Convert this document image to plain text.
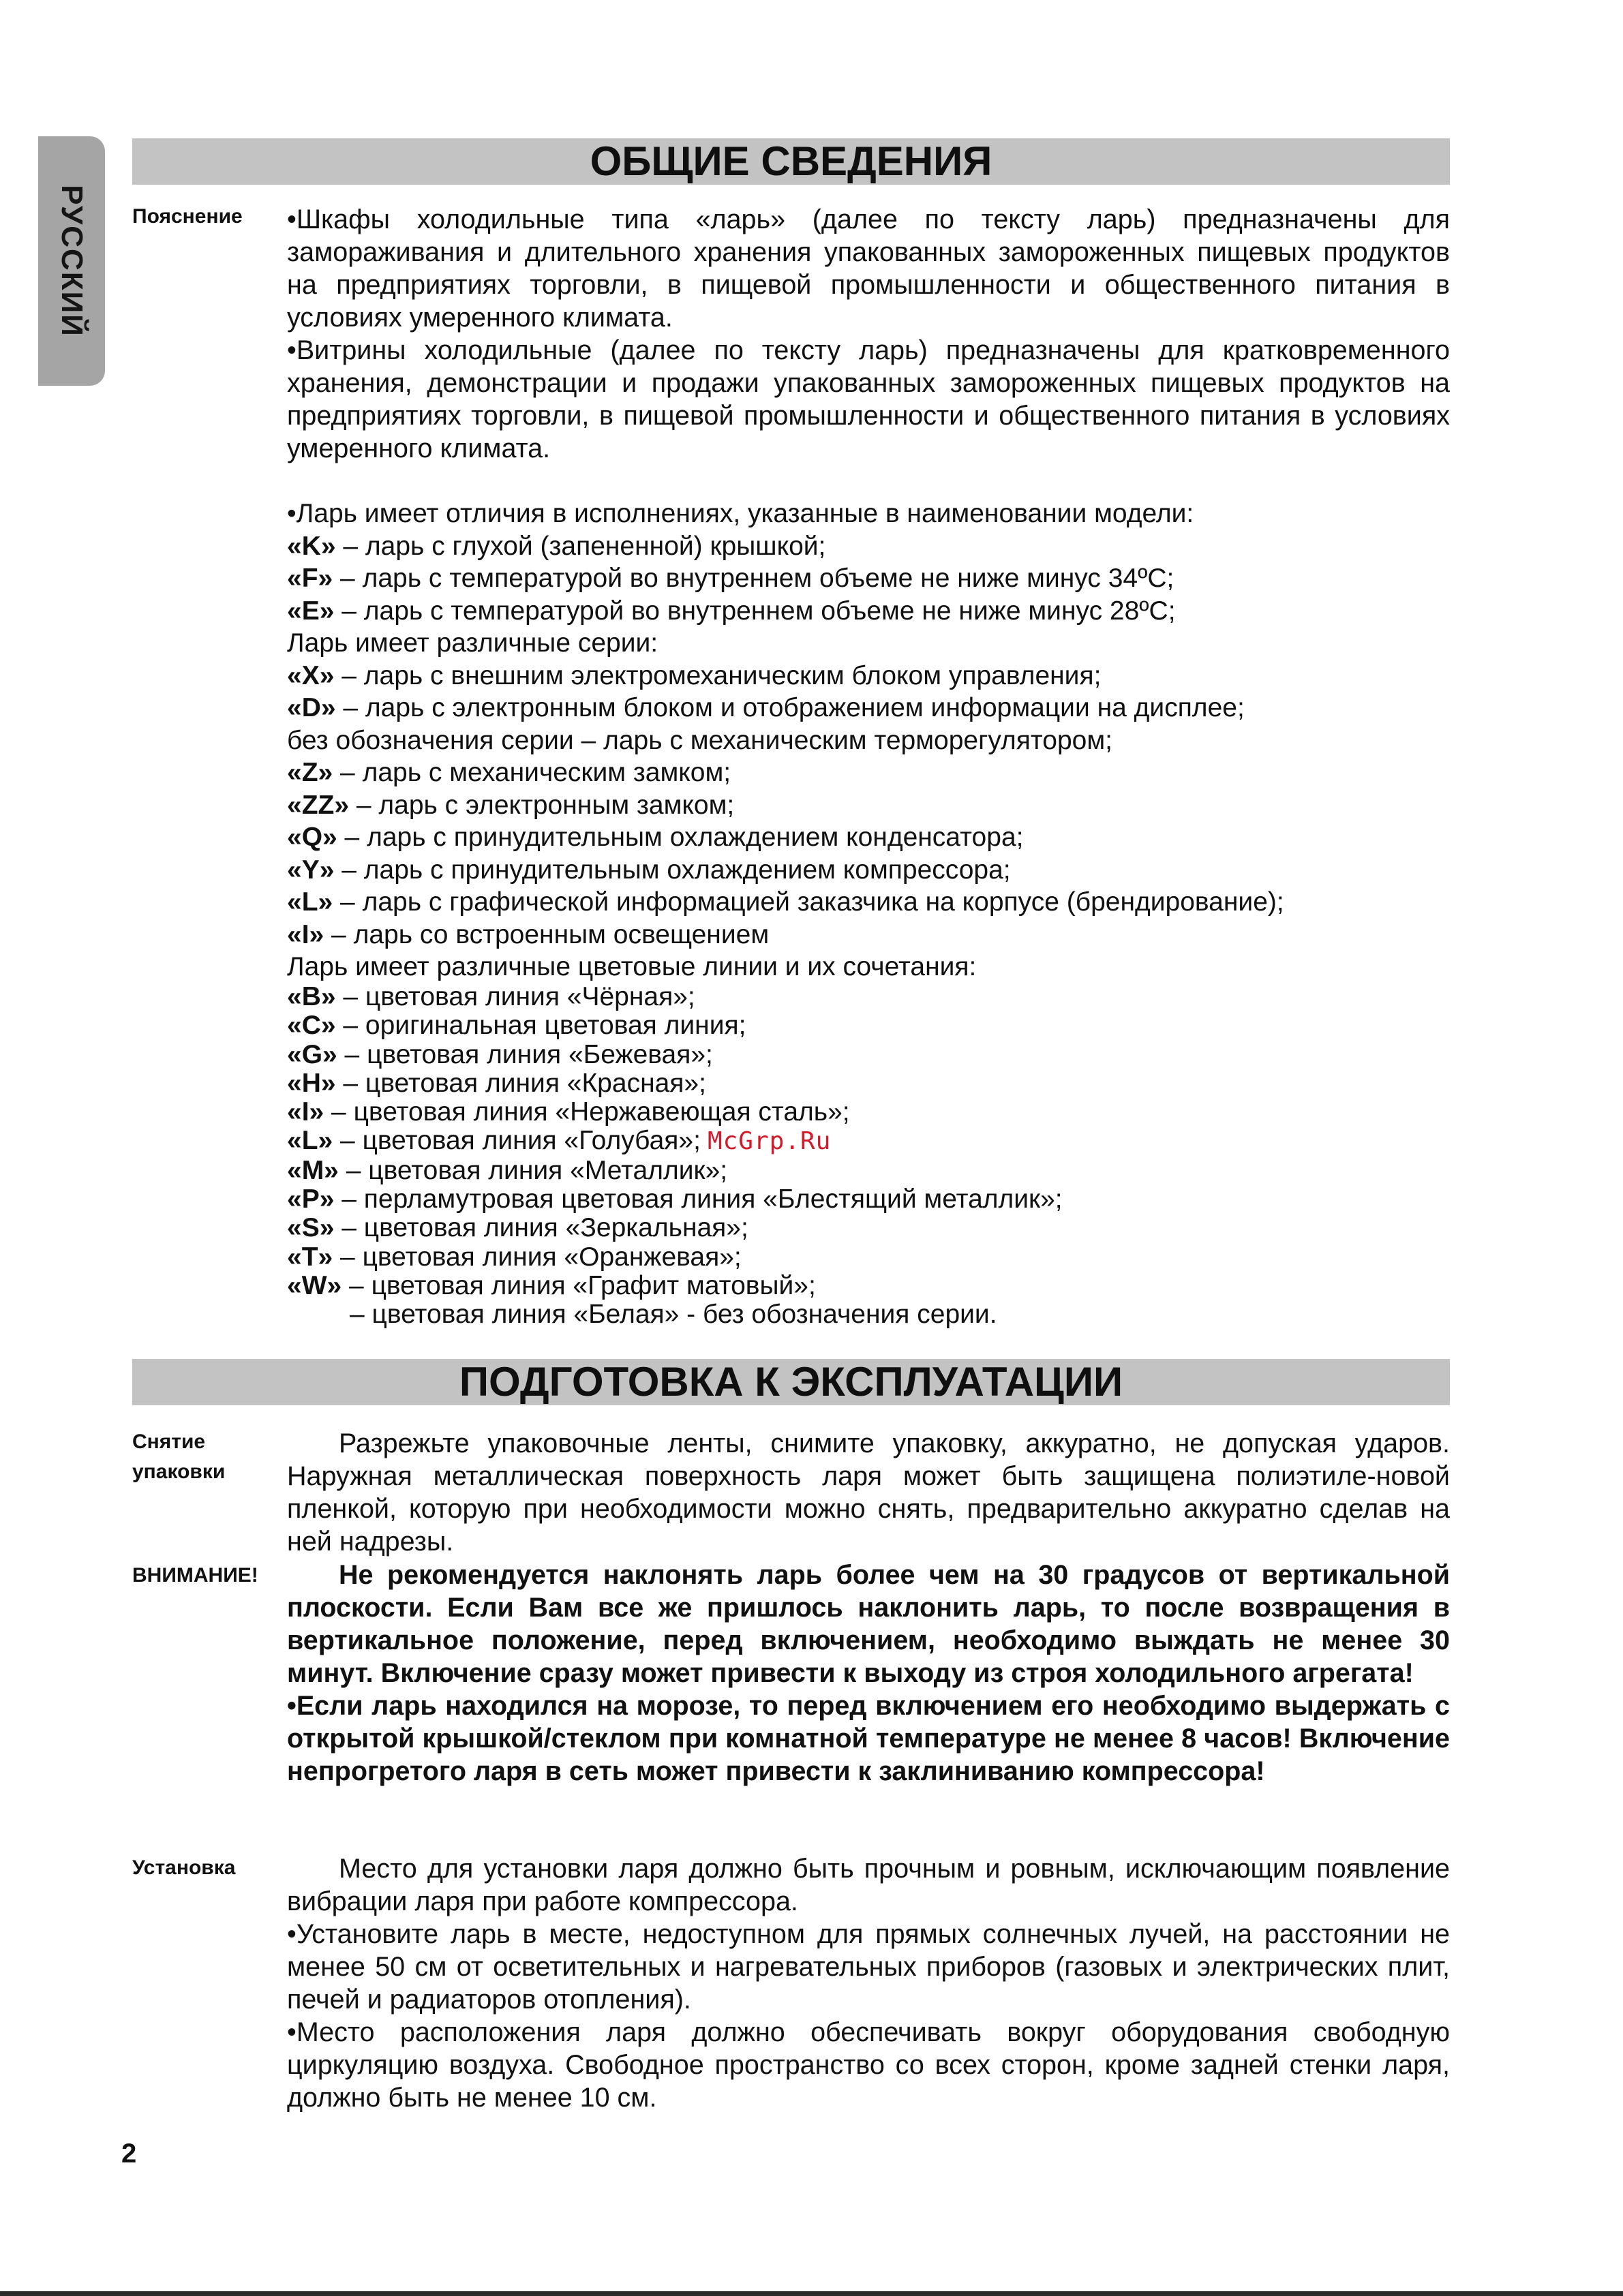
РУССКИЙ
ОБЩИЕ СВЕДЕНИЯ
Пояснение	•Шкафы холодильные типа «ларь» (далее по тексту ларь) предназначены для замораживания и длительного хранения упакованных замороженных пищевых продуктов на предприятиях торговли, в пищевой промышленности и общественного питания в условиях умеренного климата.

•Витрины холодильные (далее по тексту ларь) предназначены для кратковременного хранения, демонстрации и продажи упакованных замороженных пищевых продуктов на предприятиях торговли, в пищевой промышленности и общественного питания в условиях умеренного климата.

•Ларь имеет отличия в исполнениях, указанные в наименовании модели:

«K» – ларь с глухой (запененной) крышкой;

«F» – ларь с температурой во внутреннем объеме не ниже минус 34ºС;

«E» – ларь с температурой во внутреннем объеме не ниже минус 28ºС;

Ларь имеет различные серии:

«X» – ларь с внешним электромеханическим блоком управления;

«D» – ларь с электронным блоком и отображением информации на дисплее;

без обозначения серии – ларь с механическим терморегулятором;

«Z» – ларь с механическим замком;

«ZZ» – ларь с электронным замком;

«Q» – ларь с принудительным охлаждением конденсатора;

«Y» – ларь с принудительным охлаждением компрессора;

«L» – ларь с графической информацией заказчика на корпусе (брендирование);

«I» – ларь со встроенным освещением

Ларь имеет различные цветовые линии и их сочетания:

«B» – цветовая линия «Чёрная»;

«C» – оригинальная цветовая линия;

«G» – цветовая линия «Бежевая»;

«H» – цветовая линия «Красная»;

«I» – цветовая линия «Нержавеющая сталь»;

«L» – цветовая линия «Голубая»; McGrp.Ru

«M» – цветовая линия «Металлик»;

«P» – перламутровая цветовая линия «Блестящий металлик»;

«S» – цветовая линия «Зеркальная»;

«T» – цветовая линия «Оранжевая»;

«W» – цветовая линия «Графит матовый»;

– цветовая линия «Белая» - без обозначения серии.

ПОДГОТОВКА К ЭКСПЛУАТАЦИИ
Снятие
упаковки

Разрежьте упаковочные ленты, снимите упаковку, аккуратно, не допуская ударов. Наружная металлическая поверхность ларя может быть защищена полиэтиле-новой пленкой, которую при необходимости можно снять, предварительно аккуратно сделав на ней надрезы.

ВНИМАНИЕ!	Не рекомендуется наклонять ларь более чем на 30 градусов от вертикальной плоскости. Если Вам все же пришлось наклонить ларь, то после возвращения в вертикальное положение, перед включением, необходимо выждать не менее 30 минут. Включение сразу может привести к выходу из строя холодильного агрегата!

•Если ларь находился на морозе, то перед включением его необходимо выдержать с открытой крышкой/стеклом при комнатной температуре не менее 8 часов! Включение непрогретого ларя в сеть может привести к заклиниванию компрессора!

Установка	Место для установки ларя должно быть прочным и ровным, исключающим появление вибрации ларя при работе компрессора.

•Установите ларь в месте, недоступном для прямых солнечных лучей, на расстоянии не менее 50 см от осветительных и нагревательных приборов (газовых и электрических плит, печей и радиаторов отопления).

•Место расположения ларя должно обеспечивать вокруг оборудования свободную циркуляцию воздуха. Свободное пространство со всех сторон, кроме задней стенки ларя, должно быть не менее 10 см.

2
